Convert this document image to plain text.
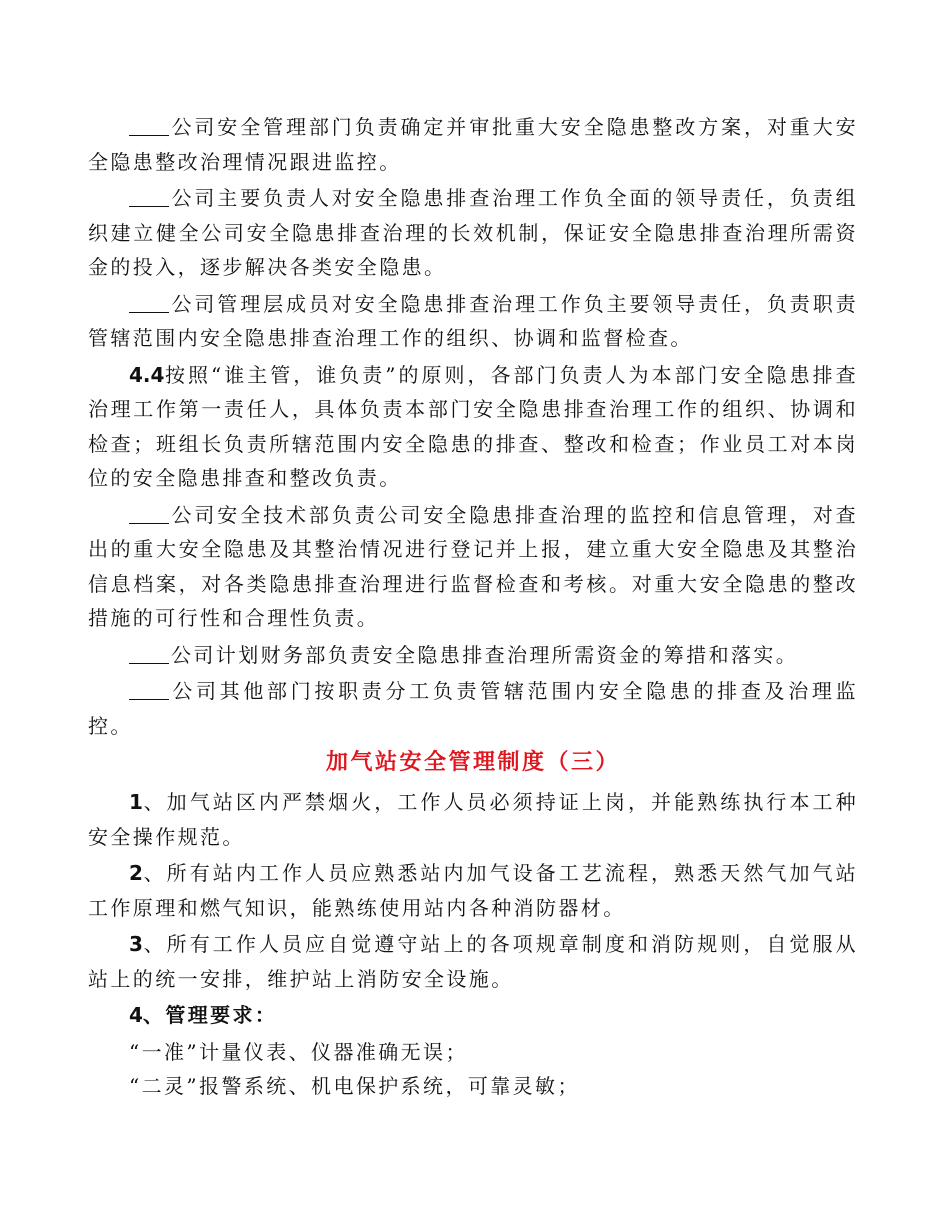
公司安全管理部门负责确定并审批重大安全隐患整改方案，对重大安全隐患整改治理情况跟进监控。

公司主要负责人对安全隐患排查治理工作负全面的领导责任，负责组织建立健全公司安全隐患排查治理的长效机制，保证安全隐患排查治理所需资金的投入，逐步解决各类安全隐患。

公司管理层成员对安全隐患排查治理工作负主要领导责任，负责职责管辖范围内安全隐患排查治理工作的组织、协调和监督检查。

4.4按照“谁主管，谁负责”的原则，各部门负责人为本部门安全隐患排查治理工作第一责任人，具体负责本部门安全隐患排查治理工作的组织、协调和检查；班组长负责所辖范围内安全隐患的排查、整改和检查；作业员工对本岗位的安全隐患排查和整改负责。

公司安全技术部负责公司安全隐患排查治理的监控和信息管理，对查出的重大安全隐患及其整治情况进行登记并上报，建立重大安全隐患及其整治信息档案，对各类隐患排查治理进行监督检查和考核。对重大安全隐患的整改措施的可行性和合理性负责。

公司计划财务部负责安全隐患排查治理所需资金的筹措和落实。

公司其他部门按职责分工负责管辖范围内安全隐患的排查及治理监控。

加气站安全管理制度（三）

1、加气站区内严禁烟火，工作人员必须持证上岗，并能熟练执行本工种安全操作规范。

2、所有站内工作人员应熟悉站内加气设备工艺流程，熟悉天然气加气站工作原理和燃气知识，能熟练使用站内各种消防器材。

3、所有工作人员应自觉遵守站上的各项规章制度和消防规则，自觉服从站上的统一安排，维护站上消防安全设施。

4、管理要求：

“一准”计量仪表、仪器准确无误；

“二灵”报警系统、机电保护系统，可靠灵敏；
